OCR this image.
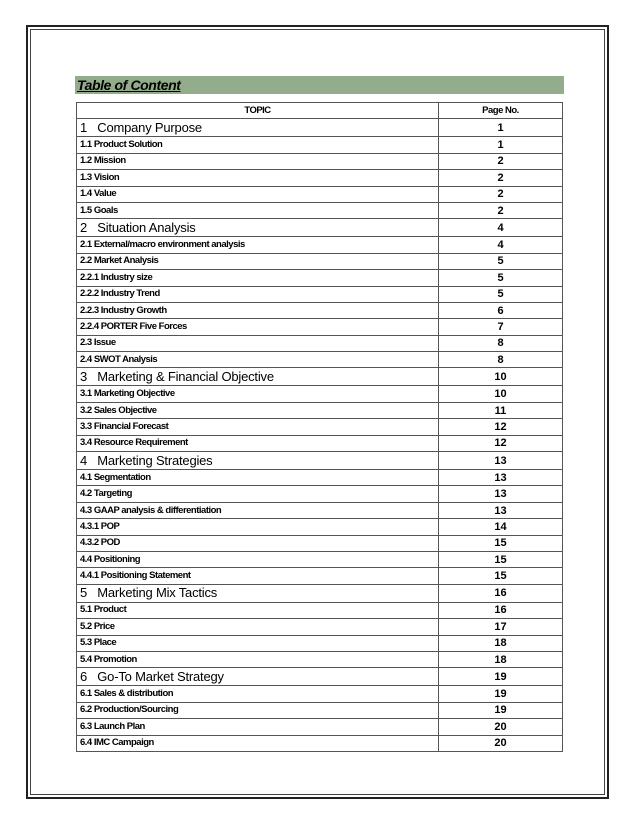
Table of Content
TOPIC	Page No.
1   Company Purpose	1
1.1 Product Solution	1
1.2 Mission	2
1.3 Vision	2
1.4 Value	2
1.5 Goals	2
2   Situation Analysis	4
2.1 External/macro environment analysis	4
2.2 Market Analysis	5
2.2.1 Industry size	5
2.2.2 Industry Trend	5
2.2.3 Industry Growth	6
2.2.4 PORTER Five Forces	7
2.3 Issue	8
2.4 SWOT Analysis	8
3   Marketing & Financial Objective	10
3.1 Marketing Objective	10
3.2 Sales Objective	11
3.3 Financial Forecast	12
3.4 Resource Requirement	12
4   Marketing Strategies	13
4.1 Segmentation	13
4.2 Targeting	13
4.3 GAAP analysis & differentiation	13
4.3.1 POP	14
4.3.2 POD	15
4.4 Positioning	15
4.4.1 Positioning Statement	15
5   Marketing Mix Tactics	16
5.1 Product	16
5.2 Price	17
5.3 Place	18
5.4 Promotion	18
6   Go-To Market Strategy	19
6.1 Sales & distribution	19
6.2 Production/Sourcing	19
6.3 Launch Plan	20
6.4 IMC Campaign	20
